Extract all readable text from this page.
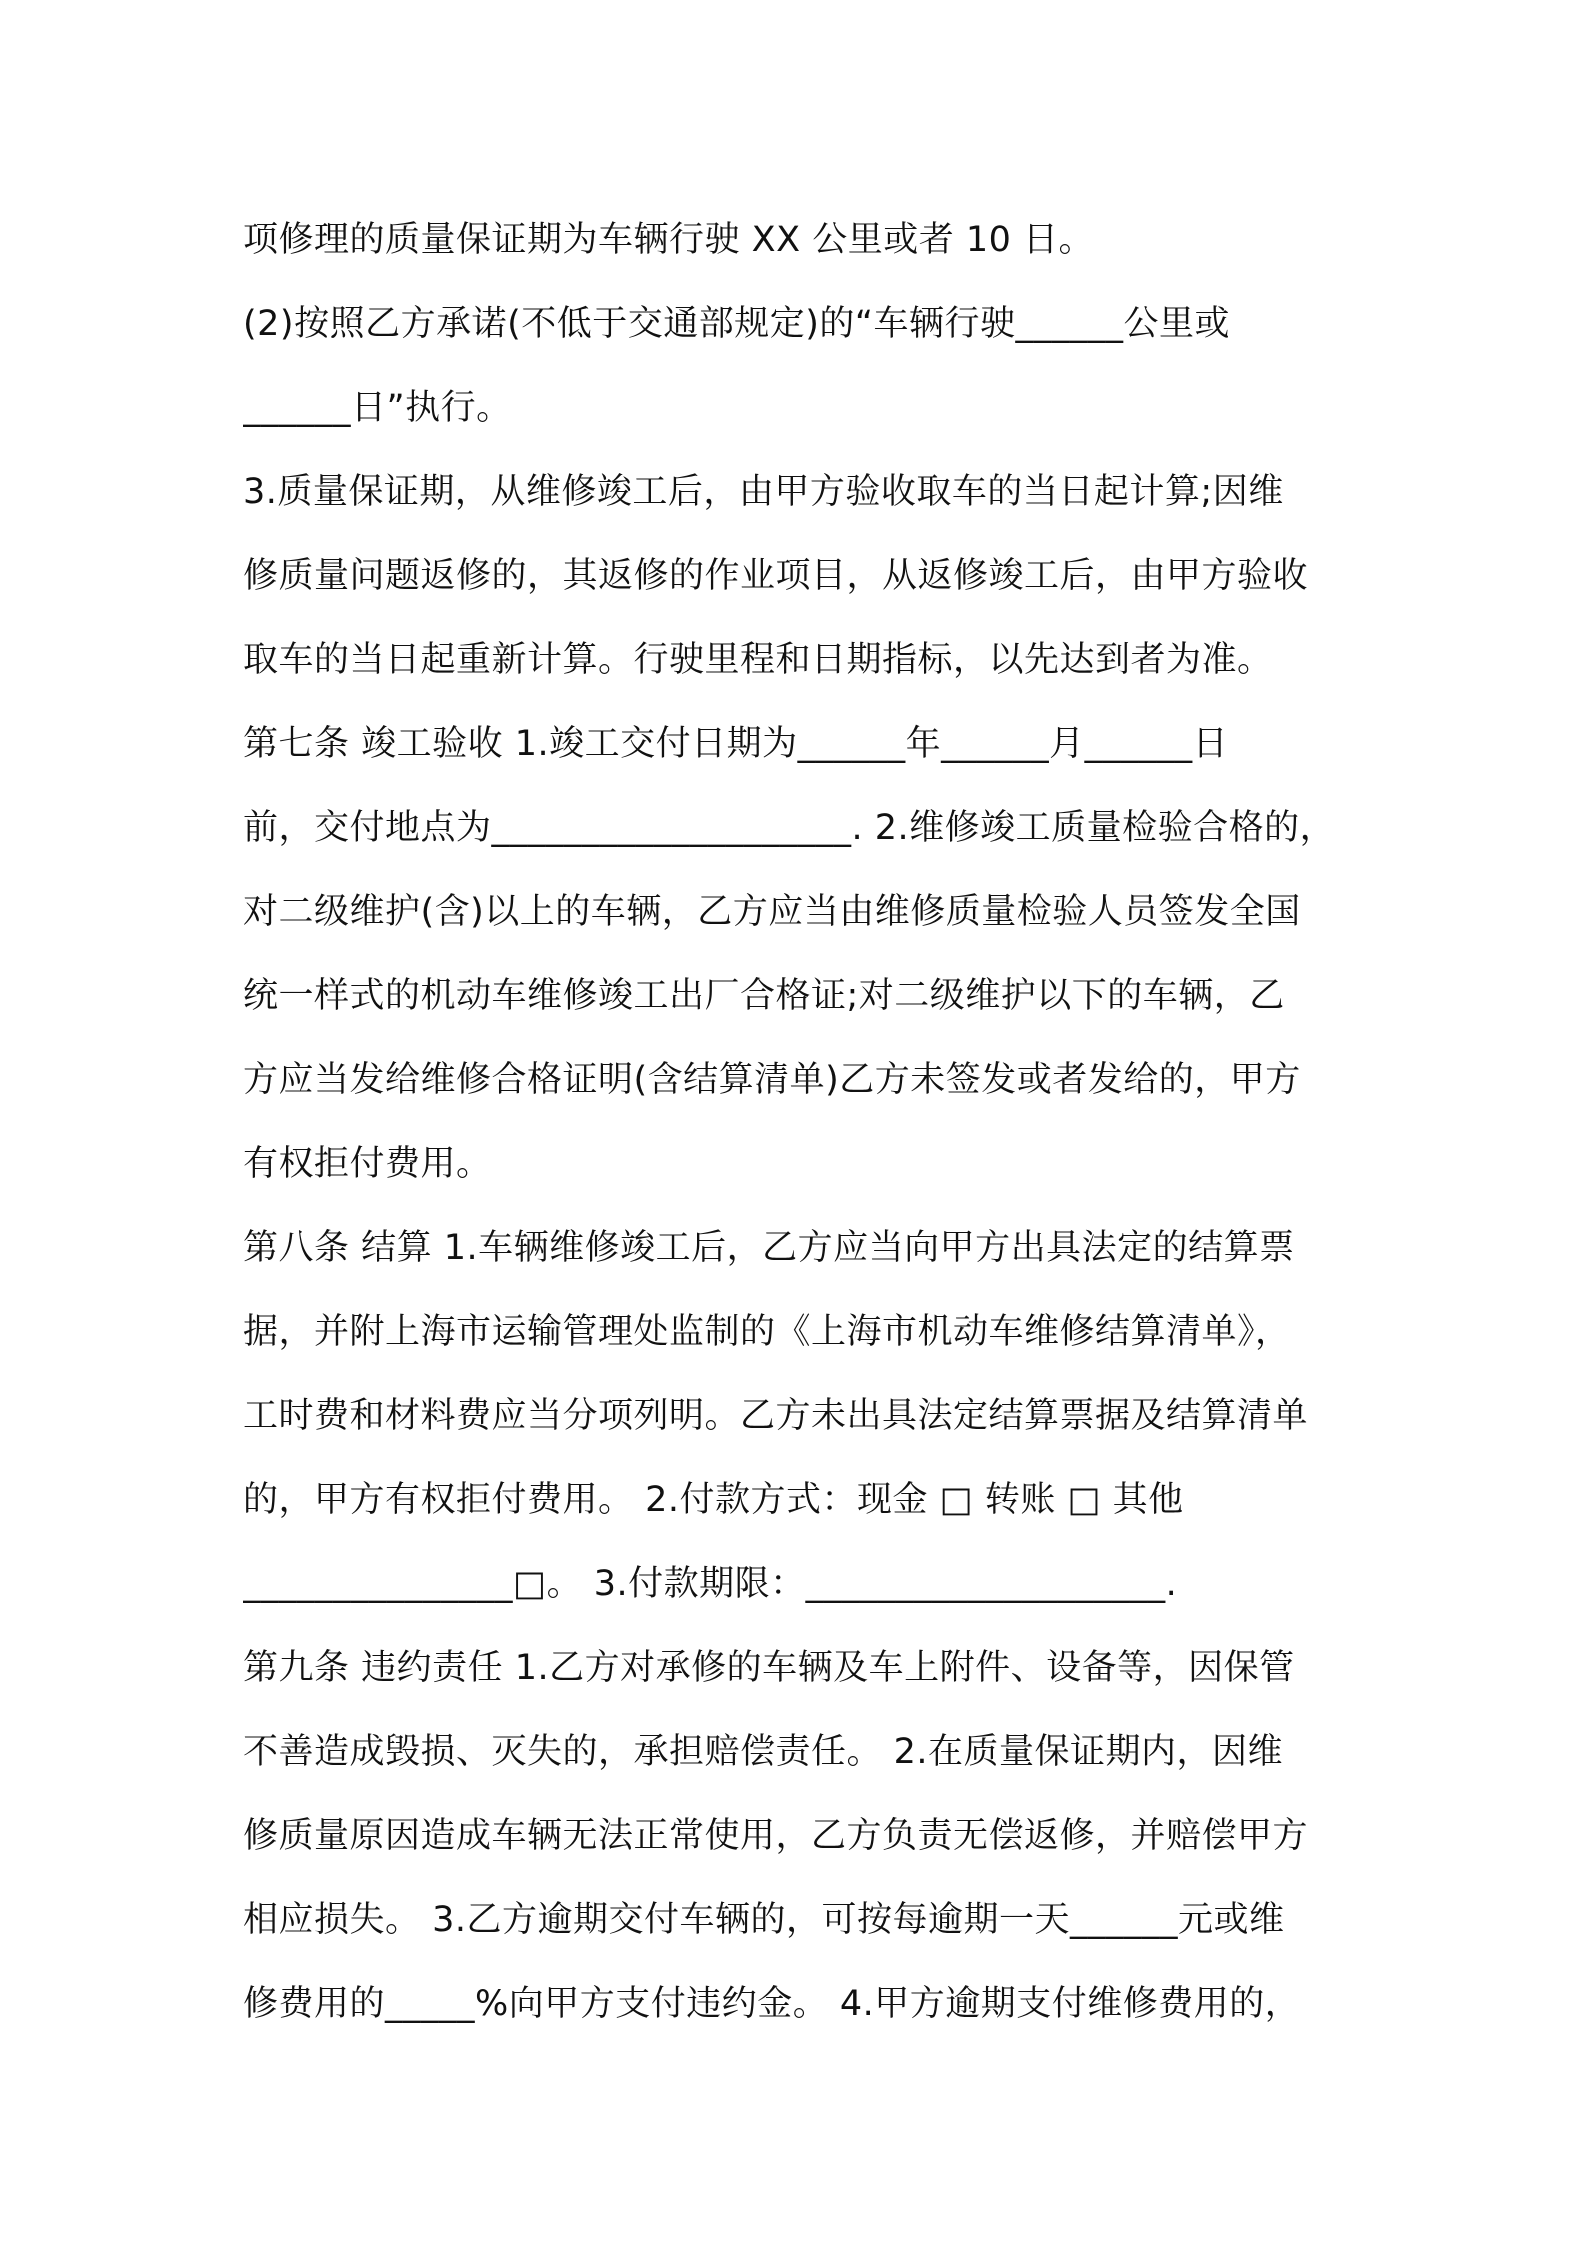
项修理的质量保证期为车辆行驶 XX 公里或者 10 日。
(2)按照乙方承诺(不低于交通部规定)的“车辆行驶______公里或
______日”执行。
3.质量保证期，从维修竣工后，由甲方验收取车的当日起计算;因维
修质量问题返修的，其返修的作业项目，从返修竣工后，由甲方验收
取车的当日起重新计算。行驶里程和日期指标，以先达到者为准。
第七条 竣工验收 1.竣工交付日期为______年______月______日
前，交付地点为____________________. 2.维修竣工质量检验合格的，
对二级维护(含)以上的车辆，乙方应当由维修质量检验人员签发全国
统一样式的机动车维修竣工出厂合格证;对二级维护以下的车辆，乙
方应当发给维修合格证明(含结算清单)乙方未签发或者发给的，甲方
有权拒付费用。
第八条 结算 1.车辆维修竣工后，乙方应当向甲方出具法定的结算票
据，并附上海市运输管理处监制的《上海市机动车维修结算清单》，
工时费和材料费应当分项列明。乙方未出具法定结算票据及结算清单
的，甲方有权拒付费用。 2.付款方式：现金 □ 转账 □ 其他
_______________□。 3.付款期限：____________________.
第九条 违约责任 1.乙方对承修的车辆及车上附件、设备等，因保管
不善造成毁损、灭失的，承担赔偿责任。 2.在质量保证期内，因维
修质量原因造成车辆无法正常使用，乙方负责无偿返修，并赔偿甲方
相应损失。 3.乙方逾期交付车辆的，可按每逾期一天______元或维
修费用的_____%向甲方支付违约金。 4.甲方逾期支付维修费用的，
